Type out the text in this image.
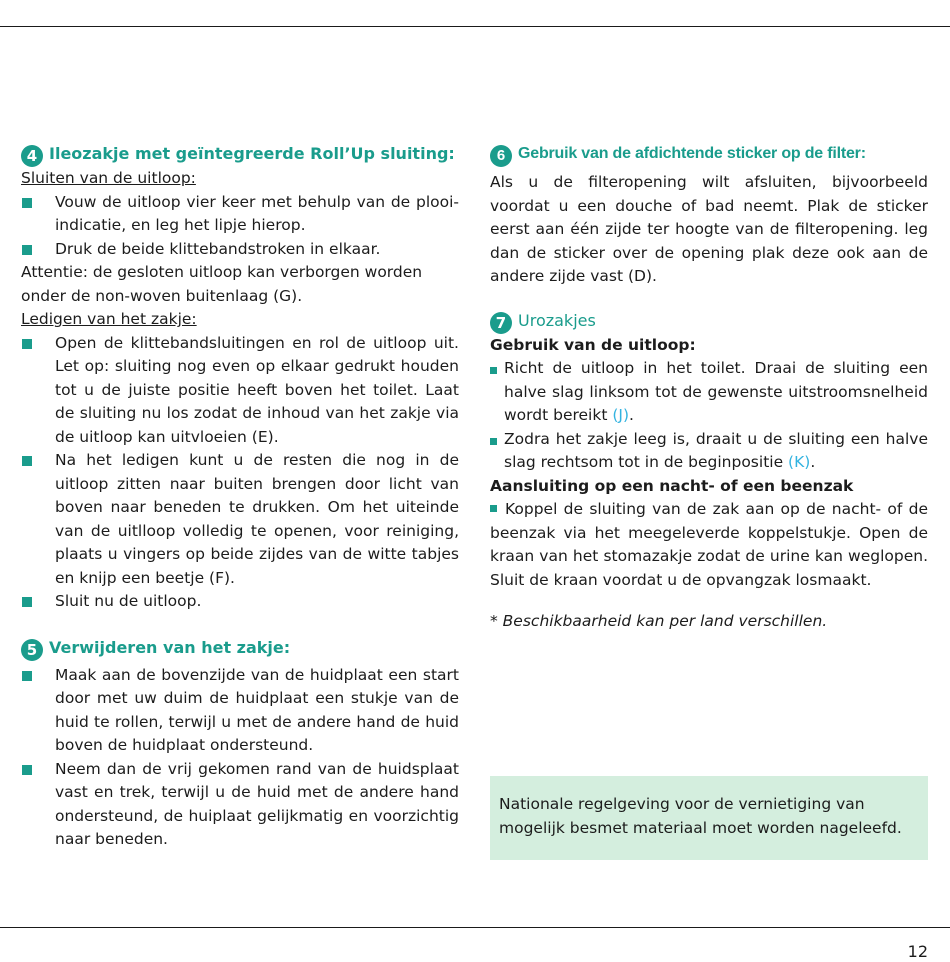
4 Ileozakje met geïntegreerde Roll’Up sluiting:

Sluiten van de uitloop:

Vouw de uitloop vier keer met behulp van de plooi-indicatie, en leg het lipje hierop.
Druk de beide klittebandstroken in elkaar.

Attentie: de gesloten uitloop kan verborgen worden onder de non-woven buitenlaag (G).

Ledigen van het zakje:

Open de klittebandsluitingen en rol de uitloop uit. Let op: sluiting nog even op elkaar gedrukt houden tot u de juiste positie heeft boven het toilet. Laat de sluiting nu los zodat de inhoud van het zakje via de uitloop kan uitvloeien (E).
Na het ledigen kunt u de resten die nog in de uitloop zitten naar buiten brengen door licht van boven naar beneden te drukken. Om het uiteinde van de uitlloop volledig te openen, voor reiniging, plaats u vingers op beide zijdes van de witte tabjes en knijp een beetje (F).
Sluit nu de uitloop.
5 Verwijderen van het zakje:
Maak aan de bovenzijde van de huidplaat een start door met uw duim de huidplaat een stukje van de huid te rollen, terwijl u met de andere hand de huid boven de huidplaat ondersteund.
Neem dan de vrij gekomen rand van de huidsplaat vast en trek, terwijl u de huid met de andere hand ondersteund, de huiplaat gelijkmatig en voorzichtig naar beneden.
6 Gebruik van de afdichtende sticker op de filter:

Als u de filteropening wilt afsluiten, bijvoorbeeld voordat u een douche of bad neemt. Plak de sticker eerst aan één zijde ter hoogte van de filteropening. leg dan de sticker over de opening plak deze ook aan de andere zijde vast (D).

7 Urozakjes

Gebruik van de uitloop:

Richt de uitloop in het toilet. Draai de sluiting een halve slag linksom tot de gewenste uitstroomsnelheid wordt bereikt (J).
Zodra het zakje leeg is, draait u de sluiting een halve slag rechtsom tot in de beginpositie (K).

Aansluiting op een nacht- of een beenzak

Koppel de sluiting van de zak aan op de nacht- of de beenzak via het meegeleverde koppelstukje. Open de kraan van het stomazakje zodat de urine kan weglopen. Sluit de kraan voordat u de opvangzak losmaakt.

* Beschikbaarheid kan per land verschillen.

Nationale regelgeving voor de vernietiging van mogelijk besmet materiaal moet worden nageleefd.

12
